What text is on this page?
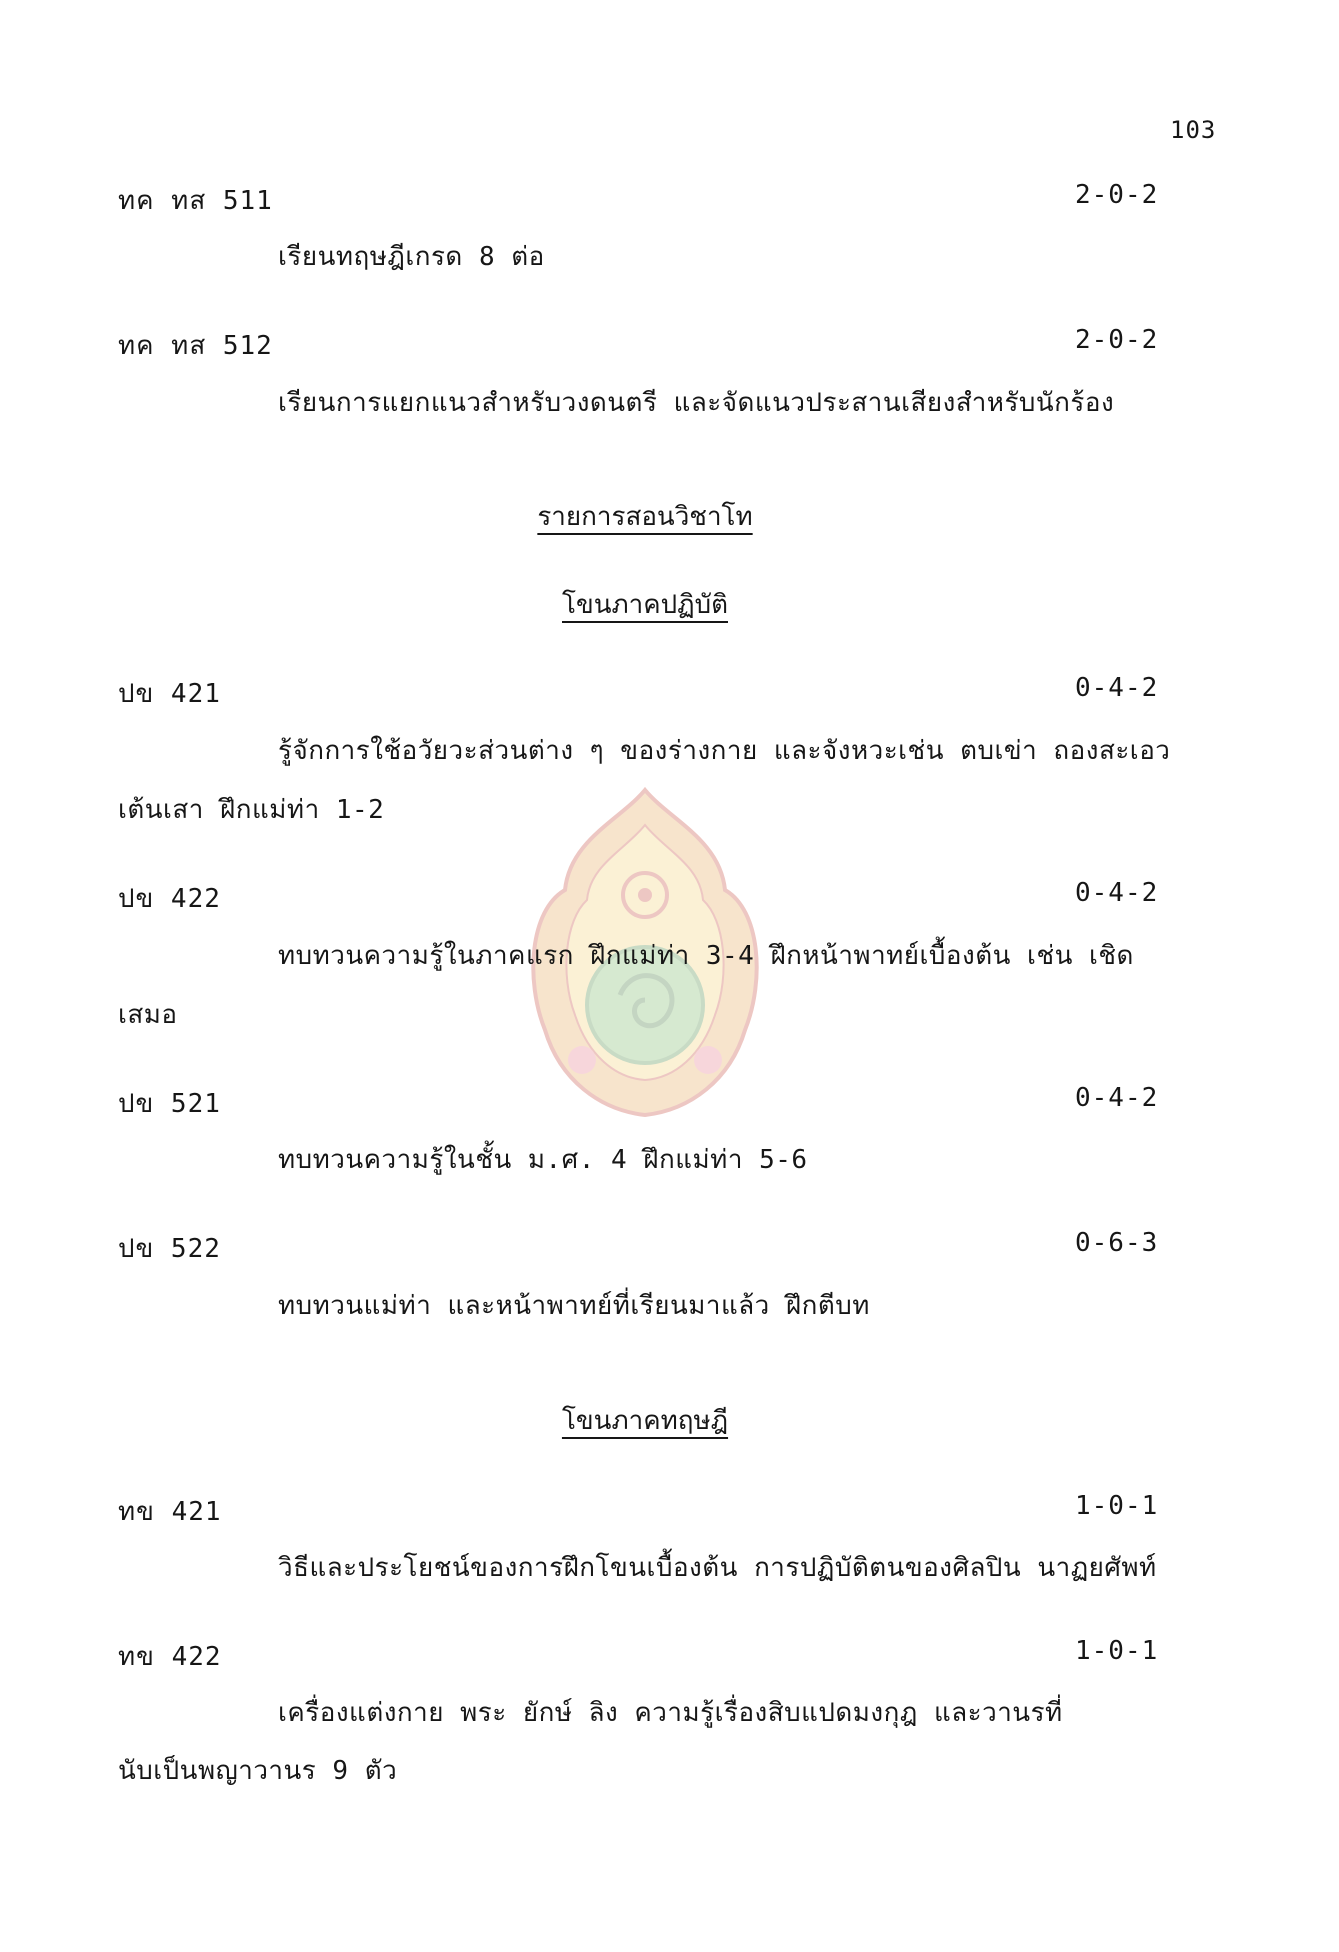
103
ทค ทส 511	2-0-2
เรียนทฤษฎีเกรด 8 ต่อ
ทค ทส 512	2-0-2
เรียนการแยกแนวสำหรับวงดนตรี และจัดแนวประสานเสียงสำหรับนักร้อง
รายการสอนวิชาโท
โขนภาคปฏิบัติ
ปข 421	0-4-2
รู้จักการใช้อวัยวะส่วนต่าง ๆ ของร่างกาย และจังหวะเช่น ตบเข่า ถองสะเอว
เต้นเสา ฝึกแม่ท่า 1-2
ปข 422	0-4-2
ทบทวนความรู้ในภาคแรก ฝึกแม่ท่า 3-4 ฝึกหน้าพาทย์เบื้องต้น เช่น เชิด
เสมอ
ปข 521	0-4-2
ทบทวนความรู้ในชั้น ม.ศ. 4 ฝึกแม่ท่า 5-6
ปข 522	0-6-3
ทบทวนแม่ท่า และหน้าพาทย์ที่เรียนมาแล้ว ฝึกตีบท
โขนภาคทฤษฎี
ทข 421	1-0-1
วิธีและประโยชน์ของการฝึกโขนเบื้องต้น การปฏิบัติตนของศิลปิน นาฏยศัพท์
ทข 422	1-0-1
เครื่องแต่งกาย พระ ยักษ์ ลิง ความรู้เรื่องสิบแปดมงกุฎ และวานรที่
นับเป็นพญาวานร 9 ตัว
